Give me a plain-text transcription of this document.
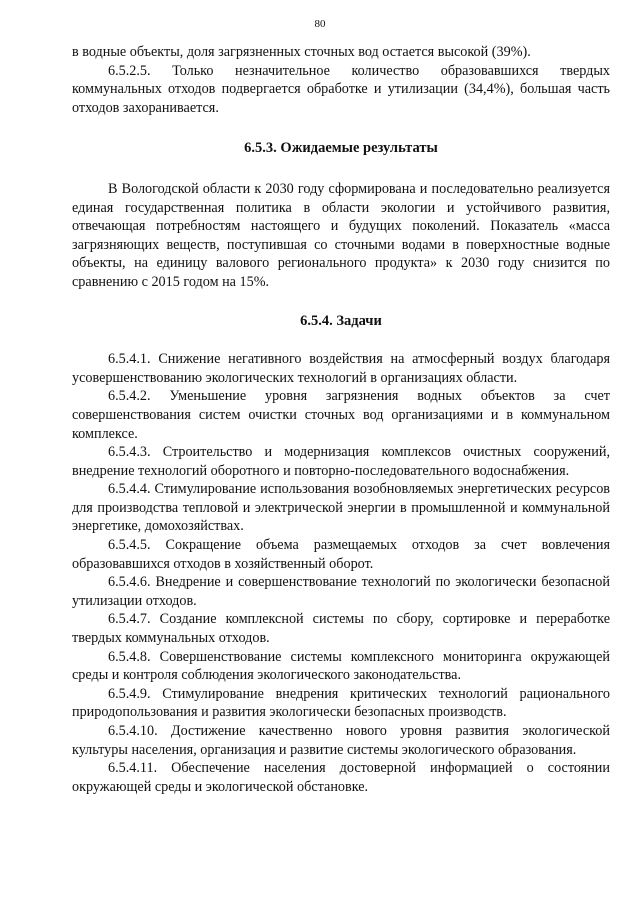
80

в водные объекты, доля загрязненных сточных вод остается высокой (39%).

6.5.2.5. Только незначительное количество образовавшихся твердых коммунальных отходов подвергается обработке и утилизации (34,4%), большая часть отходов захоранивается.

6.5.3. Ожидаемые результаты

В Вологодской области к 2030 году сформирована и последовательно реализуется единая государственная политика в области экологии и устойчивого развития, отвечающая потребностям настоящего и будущих поколений. Показатель «масса загрязняющих веществ, поступившая со сточными водами в поверхностные водные объекты, на единицу валового регионального продукта» к 2030 году снизится по сравнению с 2015 годом на 15%.

6.5.4. Задачи

6.5.4.1. Снижение негативного воздействия на атмосферный воздух благодаря усовершенствованию экологических технологий в организациях области.

6.5.4.2. Уменьшение уровня загрязнения водных объектов за счет совершенствования систем очистки сточных вод организациями и в коммунальном комплексе.

6.5.4.3. Строительство и модернизация комплексов очистных сооружений, внедрение технологий оборотного и повторно-последовательного водоснабжения.

6.5.4.4. Стимулирование использования возобновляемых энергетических ресурсов для производства тепловой и электрической энергии в промышленной и коммунальной энергетике, домохозяйствах.

6.5.4.5. Сокращение объема размещаемых отходов за счет вовлечения образовавшихся отходов в хозяйственный оборот.

6.5.4.6. Внедрение и совершенствование технологий по экологически безопасной утилизации отходов.

6.5.4.7. Создание комплексной системы по сбору, сортировке и переработке твердых коммунальных отходов.

6.5.4.8. Совершенствование системы комплексного мониторинга окружающей среды и контроля соблюдения экологического законодательства.

6.5.4.9. Стимулирование внедрения критических технологий рационального природопользования и развития экологически безопасных производств.

6.5.4.10. Достижение качественно нового уровня развития экологической культуры населения, организация и развитие системы экологического образования.

6.5.4.11. Обеспечение населения достоверной информацией о состоянии окружающей среды и экологической обстановке.
